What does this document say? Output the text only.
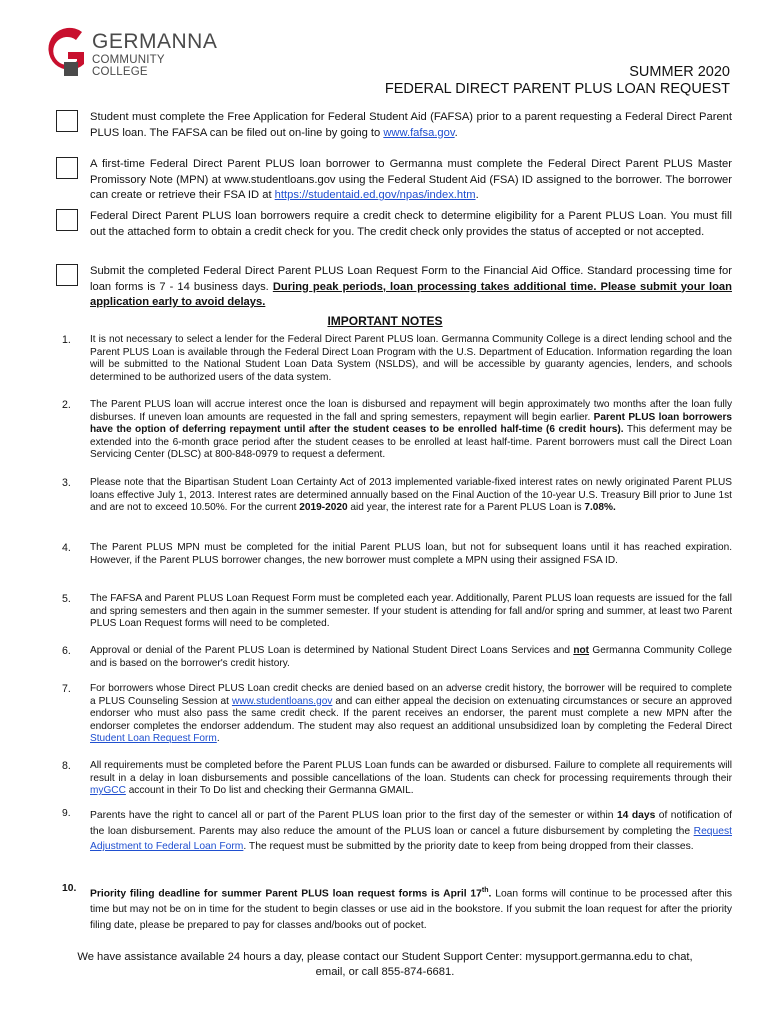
GERMANNA
COMMUNITY COLLEGE	SUMMER 2020
FEDERAL DIRECT PARENT PLUS LOAN REQUEST
Student must complete the Free Application for Federal Student Aid (FAFSA) prior to a parent requesting a Federal Direct Parent PLUS loan. The FAFSA can be filed out on-line by going to www.fafsa.gov.
A first-time Federal Direct Parent PLUS loan borrower to Germanna must complete the Federal Direct Parent PLUS Master Promissory Note (MPN) at www.studentloans.gov using the Federal Student Aid (FSA) ID assigned to the borrower. The borrower can create or retrieve their FSA ID at https://studentaid.ed.gov/npas/index.htm.
Federal Direct Parent PLUS loan borrowers require a credit check to determine eligibility for a Parent PLUS Loan. You must fill out the attached form to obtain a credit check for you. The credit check only provides the status of accepted or not accepted.
Submit the completed Federal Direct Parent PLUS Loan Request Form to the Financial Aid Office. Standard processing time for loan forms is 7 - 14 business days. During peak periods, loan processing takes additional time. Please submit your loan application early to avoid delays.
IMPORTANT NOTES
1. It is not necessary to select a lender for the Federal Direct Parent PLUS loan. Germanna Community College is a direct lending school and the Parent PLUS Loan is available through the Federal Direct Loan Program with the U.S. Department of Education. Information regarding the loan will be submitted to the National Student Loan Data System (NSLDS), and will be accessible by guaranty agencies, lenders, and schools determined to be authorized users of the data system.
2. The Parent PLUS loan will accrue interest once the loan is disbursed and repayment will begin approximately two months after the loan fully disburses. If uneven loan amounts are requested in the fall and spring semesters, repayment will begin earlier. Parent PLUS loan borrowers have the option of deferring repayment until after the student ceases to be enrolled half-time (6 credit hours). This deferment may be extended into the 6-month grace period after the student ceases to be enrolled at least half-time. Parent borrowers must call the Direct Loan Servicing Center (DLSC) at 800-848-0979 to request a deferment.
3. Please note that the Bipartisan Student Loan Certainty Act of 2013 implemented variable-fixed interest rates on newly originated Parent PLUS loans effective July 1, 2013. Interest rates are determined annually based on the Final Auction of the 10-year U.S. Treasury Bill prior to June 1st and are not to exceed 10.50%. For the current 2019-2020 aid year, the interest rate for a Parent PLUS Loan is 7.08%.
4. The Parent PLUS MPN must be completed for the initial Parent PLUS loan, but not for subsequent loans until it has reached expiration. However, if the Parent PLUS borrower changes, the new borrower must complete a MPN using their assigned FSA ID.
5. The FAFSA and Parent PLUS Loan Request Form must be completed each year. Additionally, Parent PLUS loan requests are issued for the fall and spring semesters and then again in the summer semester. If your student is attending for fall and/or spring and summer, at least two Parent PLUS Loan Request forms will need to be completed.
6. Approval or denial of the Parent PLUS Loan is determined by National Student Direct Loans Services and not Germanna Community College and is based on the borrower's credit history.
7. For borrowers whose Direct PLUS Loan credit checks are denied based on an adverse credit history, the borrower will be required to complete a PLUS Counseling Session at www.studentloans.gov and can either appeal the decision on extenuating circumstances or secure an approved endorser who must also pass the same credit check. If the parent receives an endorser, the parent must complete a new MPN after the endorser completes the endorser addendum. The student may also request an additional unsubsidized loan by completing the Federal Direct Student Loan Request Form.
8. All requirements must be completed before the Parent PLUS Loan funds can be awarded or disbursed. Failure to complete all requirements will result in a delay in loan disbursements and possible cancellations of the loan. Students can check for processing requirements through their myGCC account in their To Do list and checking their Germanna GMAIL.
9. Parents have the right to cancel all or part of the Parent PLUS loan prior to the first day of the semester or within 14 days of notification of the loan disbursement. Parents may also reduce the amount of the PLUS loan or cancel a future disbursement by completing the Request Adjustment to Federal Loan Form. The request must be submitted by the priority date to keep from being dropped from their classes.
10. Priority filing deadline for summer Parent PLUS loan request forms is April 17th. Loan forms will continue to be processed after this time but may not be on in time for the student to begin classes or use aid in the bookstore. If you submit the loan request for after the priority filing date, please be prepared to pay for classes and/books out of pocket.
We have assistance available 24 hours a day, please contact our Student Support Center: mysupport.germanna.edu to chat,
email, or call 855-874-6681.
